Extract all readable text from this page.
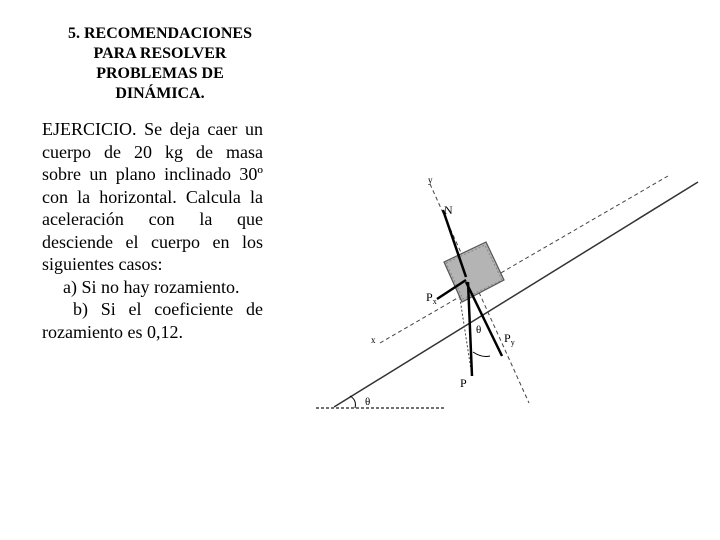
5. RECOMENDACIONES
PARA RESOLVER
PROBLEMAS DE
DINÁMICA.
EJERCICIO. Se deja caer un cuerpo de 20 kg de masa sobre un plano inclinado 30º con la horizontal. Calcula la aceleración con la que desciende el cuerpo en los siguientes casos:
a) Si no hay rozamiento.
b) Si el coeficiente de rozamiento es 0,12.
y
x
N
$P_x$
$P_y$
P
θ
θ
